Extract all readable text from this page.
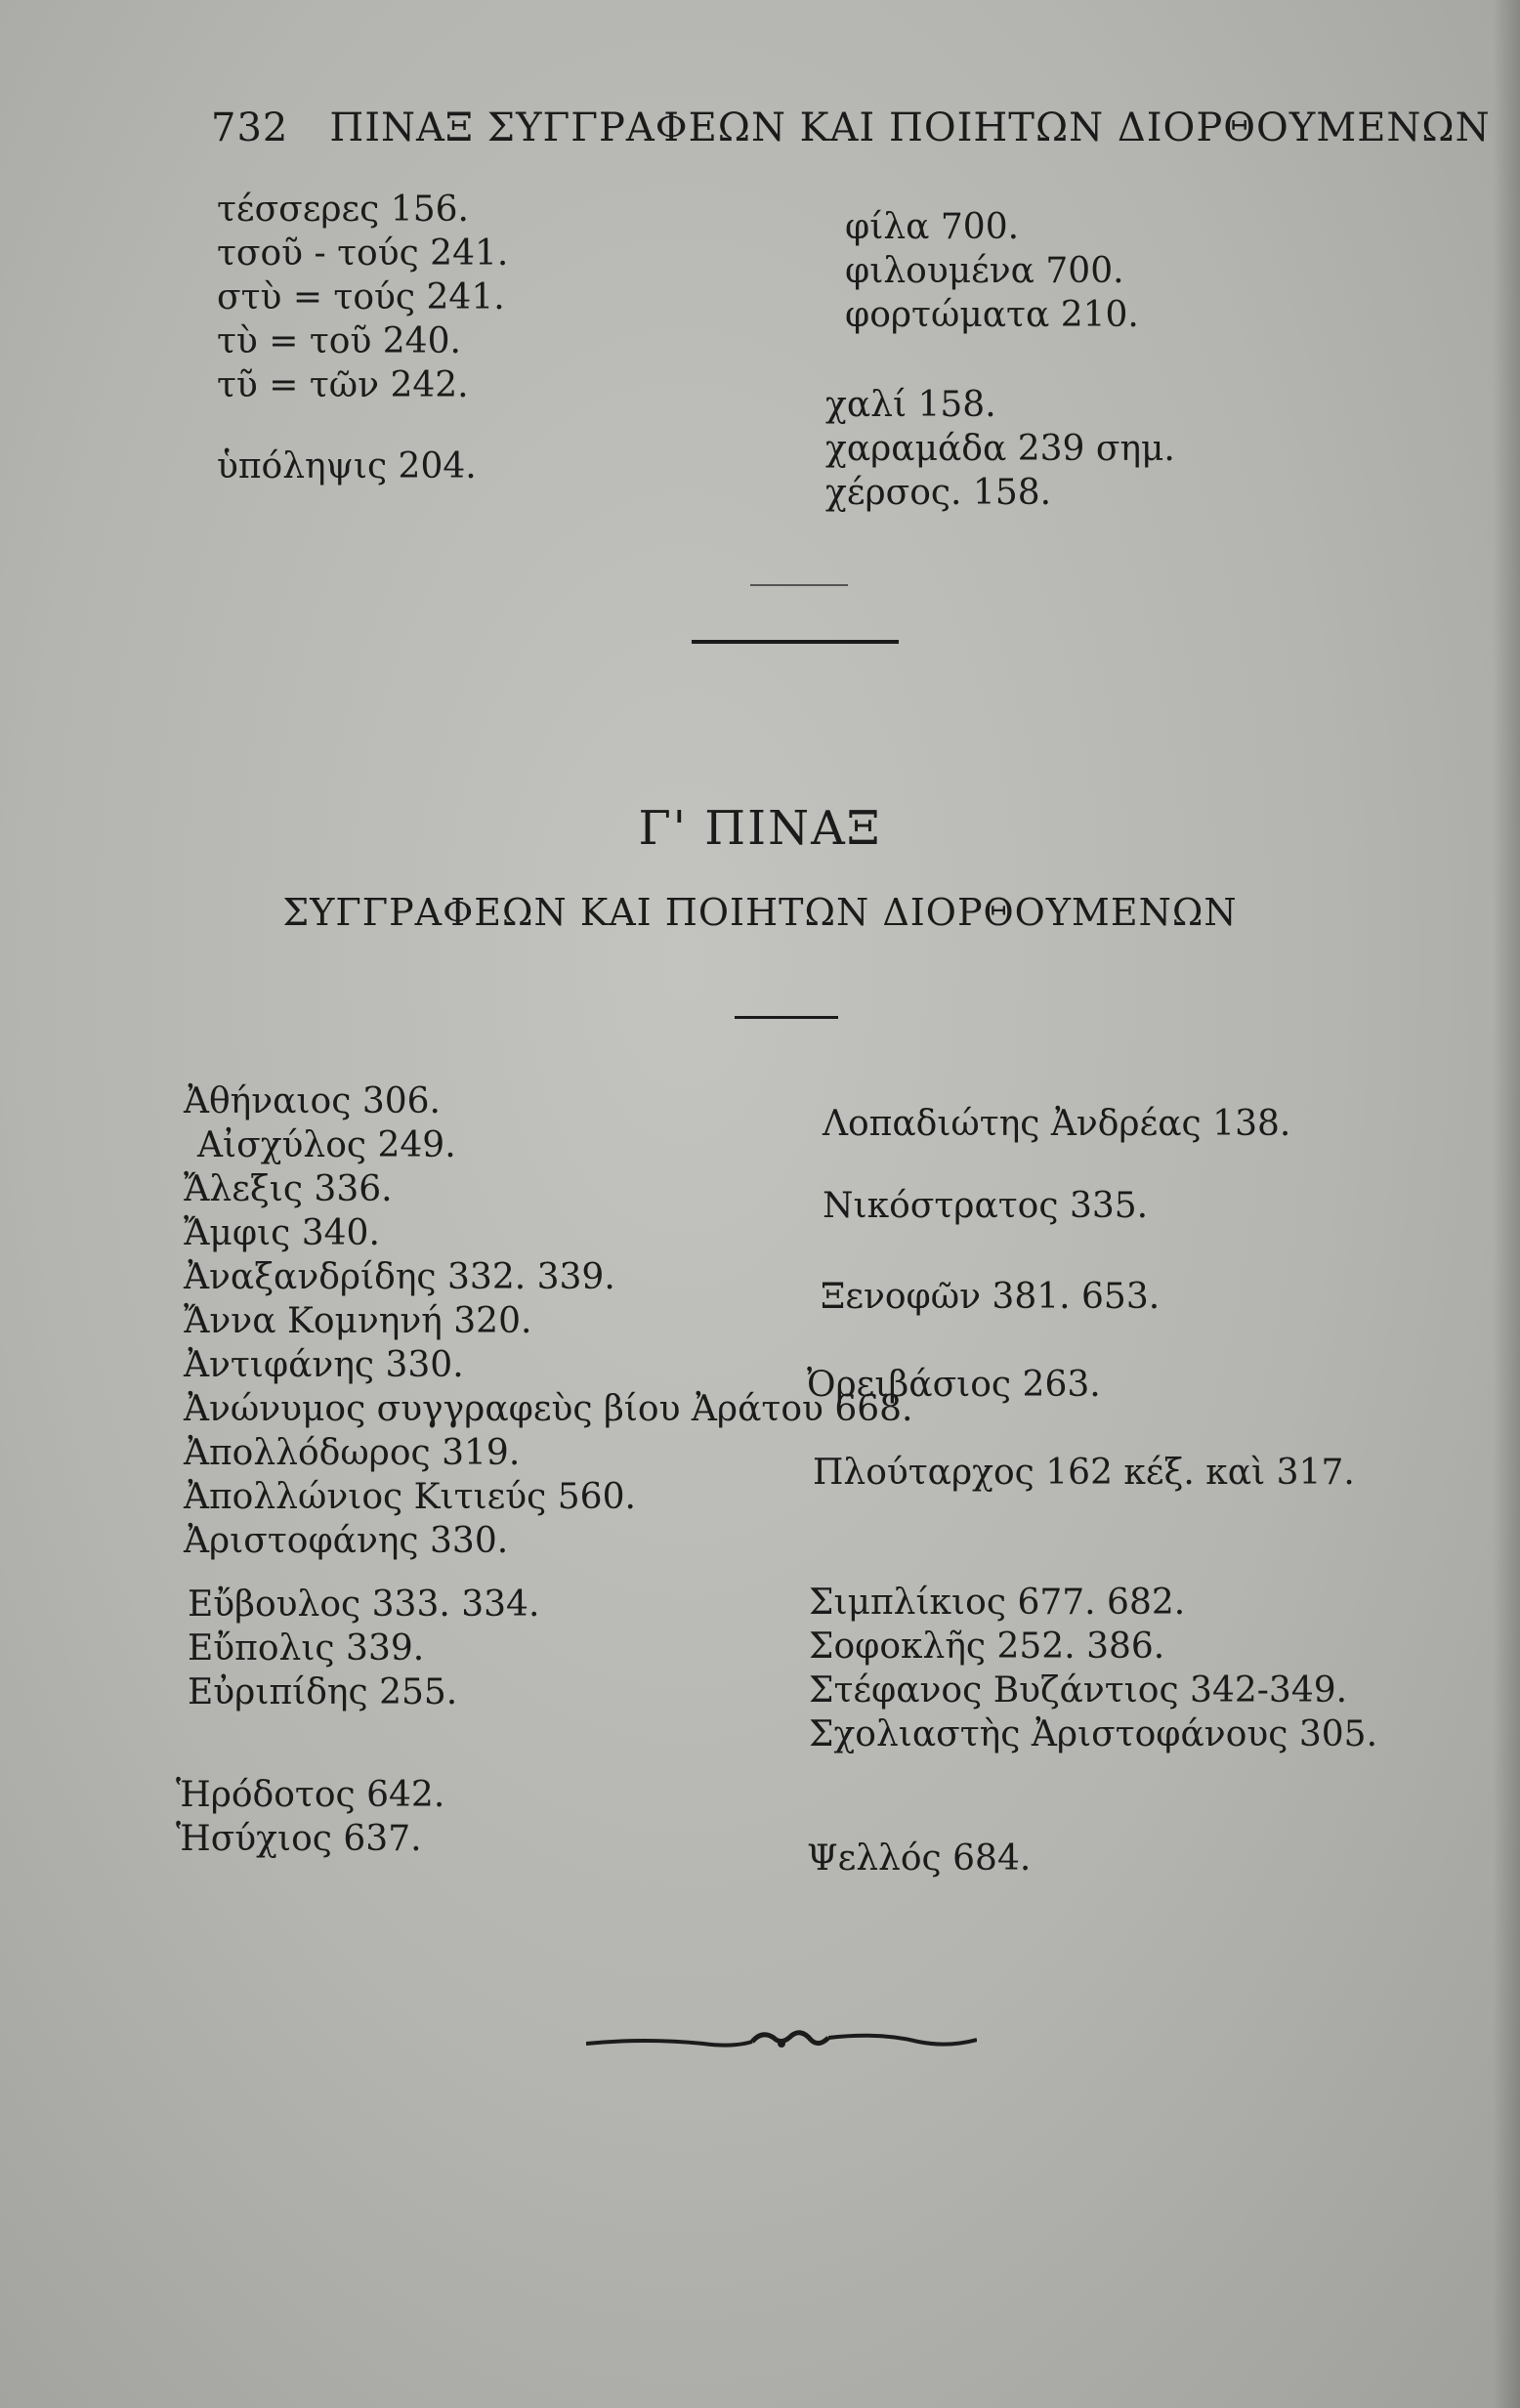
732 ΠΙΝΑΞ ΣΥΓΓΡΑΦΕΩΝ ΚΑΙ ΠΟΙΗΤΩΝ ΔΙΟΡΘΟΥΜΕΝΩΝ
τέσσερες 156.
τσοῦ - τούς 241.
στὺ = τούς 241.
τὺ = τοῦ 240.
τῦ = τῶν 242.
ὑπόληψις 204.
φίλα 700.
φιλουμένα 700.
φορτώματα 210.
χαλί 158.
χαραμάδα 239 σημ.
χέρσος. 158.
Γ' ΠΙΝΑΞ
ΣΥΓΓΡΑΦΕΩΝ ΚΑΙ ΠΟΙΗΤΩΝ ΔΙΟΡΘΟΥΜΕΝΩΝ
Ἀθήναιος 306.
Αἰσχύλος 249.
Ἄλεξις 336.
Ἄμφις 340.
Ἀναξανδρίδης 332. 339.
Ἄννα Κομνηνή 320.
Ἀντιφάνης 330.
Ἀνώνυμος συγγραφεὺς βίου Ἀράτου 668.
Ἀπολλόδωρος 319.
Ἀπολλώνιος Κιτιεύς 560.
Ἀριστοφάνης 330.
Εὔβουλος 333. 334.
Εὔπολις 339.
Εὐριπίδης 255.
Ἡρόδοτος 642.
Ἡσύχιος 637.
Λοπαδιώτης Ἀνδρέας 138.
Νικόστρατος 335.
Ξενοφῶν 381. 653.
Ὀρειβάσιος 263.
Πλούταρχος 162 κέξ. καὶ 317.
Σιμπλίκιος 677. 682.
Σοφοκλῆς 252. 386.
Στέφανος Βυζάντιος 342-349.
Σχολιαστὴς Ἀριστοφάνους 305.
Ψελλός 684.
